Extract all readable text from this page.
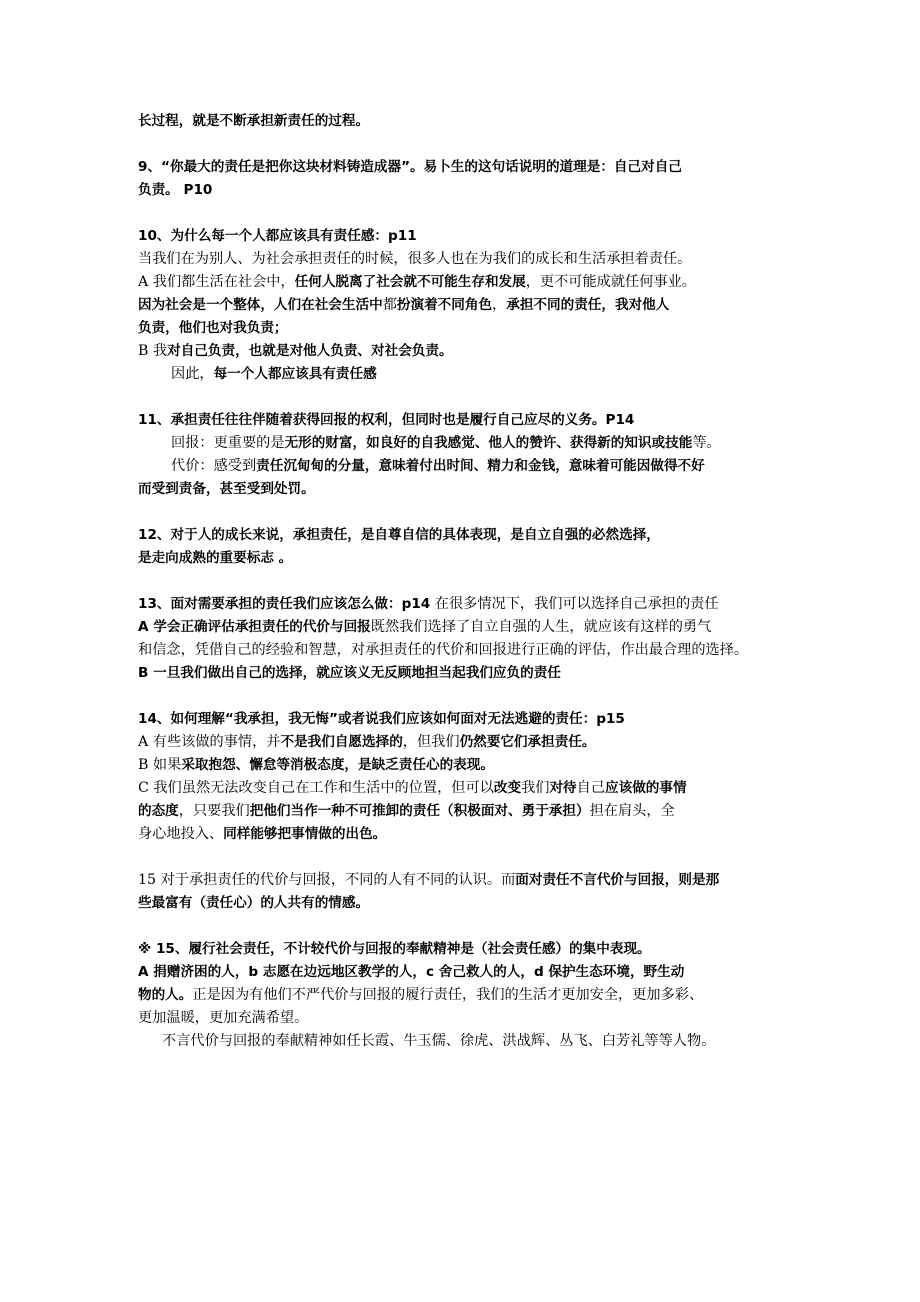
长过程，就是不断承担新责任的过程。
9、“你最大的责任是把你这块材料铸造成器”。易卜生的这句话说明的道理是：自己对自己
负责。 P10
10、为什么每一个人都应该具有责任感：p11
当我们在为别人、为社会承担责任的时候，很多人也在为我们的成长和生活承担着责任。
A 我们都生活在社会中，任何人脱离了社会就不可能生存和发展，更不可能成就任何事业。
因为社会是一个整体，人们在社会生活中都扮演着不同角色，承担不同的责任，我对他人
负责，他们也对我负责；
B 我对自己负责，也就是对他人负责、对社会负责。
因此，每一个人都应该具有责任感
11、承担责任往往伴随着获得回报的权利，但同时也是履行自己应尽的义务。P14
回报：更重要的是无形的财富，如良好的自我感觉、他人的赞许、获得新的知识或技能等。
代价：感受到责任沉甸甸的分量，意味着付出时间、精力和金钱，意味着可能因做得不好
而受到责备，甚至受到处罚。
12、对于人的成长来说，承担责任，是自尊自信的具体表现，是自立自强的必然选择，
是走向成熟的重要标志 。
13、面对需要承担的责任我们应该怎么做：p14 在很多情况下，我们可以选择自己承担的责任
A 学会正确评估承担责任的代价与回报既然我们选择了自立自强的人生，就应该有这样的勇气
和信念，凭借自己的经验和智慧，对承担责任的代价和回报进行正确的评估，作出最合理的选择。
B 一旦我们做出自己的选择，就应该义无反顾地担当起我们应负的责任
14、如何理解“我承担，我无悔”或者说我们应该如何面对无法逃避的责任：p15
A 有些该做的事情，并不是我们自愿选择的，但我们仍然要它们承担责任。
B 如果采取抱怨、懈怠等消极态度，是缺乏责任心的表现。
C 我们虽然无法改变自己在工作和生活中的位置，但可以改变我们对待自己应该做的事情
的态度，只要我们把他们当作一种不可推卸的责任（积极面对、勇于承担）担在肩头，全
身心地投入、同样能够把事情做的出色。
15 对于承担责任的代价与回报，不同的人有不同的认识。而面对责任不言代价与回报，则是那
些最富有（责任心）的人共有的情感。
※ 15、履行社会责任，不计较代价与回报的奉献精神是（社会责任感）的集中表现。
A 捐赠济困的人，b 志愿在边远地区教学的人，c 舍己救人的人，d 保护生态环境，野生动
物的人。正是因为有他们不严代价与回报的履行责任，我们的生活才更加安全，更加多彩、
更加温暖，更加充满希望。
不言代价与回报的奉献精神如任长霞、牛玉儒、徐虎、洪战辉、丛飞、白芳礼等等人物。
